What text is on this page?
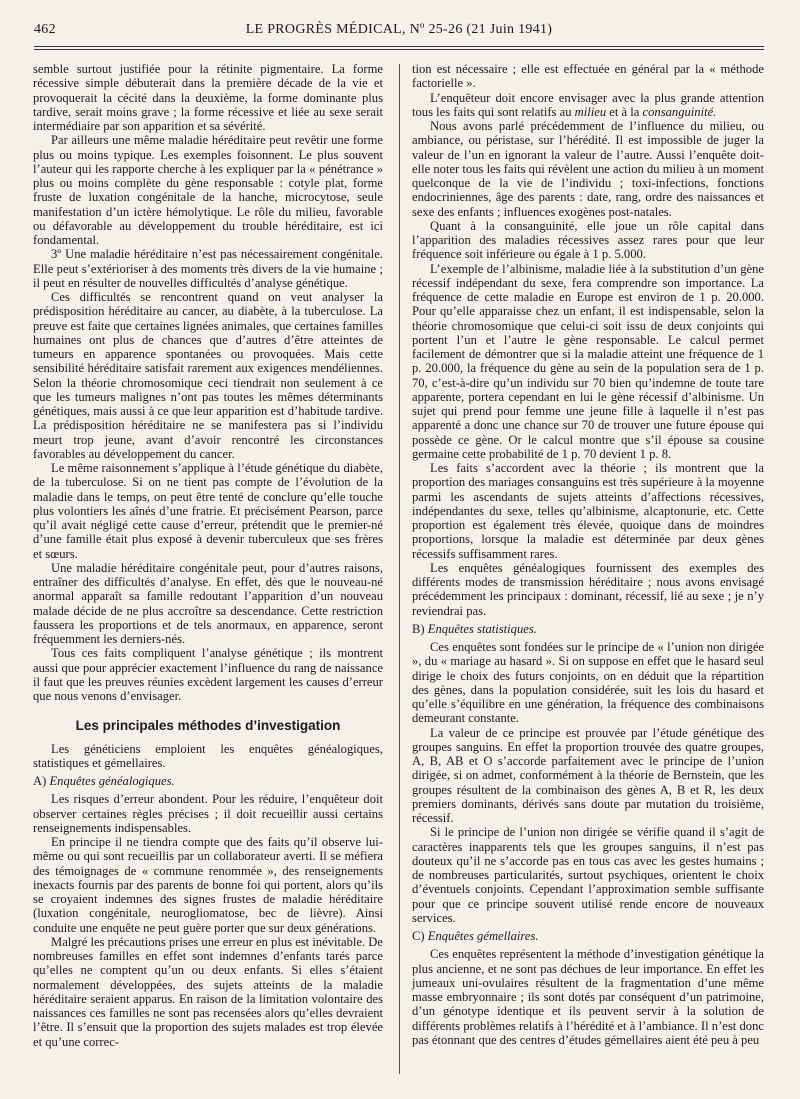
462	LE PROGRÈS MÉDICAL, Nº 25-26 (21 Juin 1941)

semble surtout justifiée pour la rétinite pigmentaire. La forme récessive simple débuterait dans la première décade de la vie et provoquerait la cécité dans la deuxième, la forme dominante plus tardive, serait moins grave ; la forme récessive et liée au sexe serait intermédiaire par son apparition et sa sévérité.

Par ailleurs une même maladie héréditaire peut revêtir une forme plus ou moins typique. Les exemples foisonnent. Le plus souvent l’auteur qui les rapporte cherche à les expliquer par la « pénétrance » plus ou moins complète du gène responsable : cotyle plat, forme fruste de luxation congénitale de la hanche, microcytose, seule manifestation d’un ictère hémolytique. Le rôle du milieu, favorable ou défavorable au développement du trouble héréditaire, est ici fondamental.

3º Une maladie héréditaire n’est pas nécessairement congénitale. Elle peut s’extérioriser à des moments très divers de la vie humaine ; il peut en résulter de nouvelles difficultés d’analyse génétique.

Ces difficultés se rencontrent quand on veut analyser la prédisposition héréditaire au cancer, au diabète, à la tuberculose. La preuve est faite que certaines lignées animales, que certaines familles humaines ont plus de chances que d’autres d’être atteintes de tumeurs en apparence spontanées ou provoquées. Mais cette sensibilité héréditaire satisfait rarement aux exigences mendéliennes. Selon la théorie chromosomique ceci tiendrait non seulement à ce que les tumeurs malignes n’ont pas toutes les mêmes déterminants génétiques, mais aussi à ce que leur apparition est d’habitude tardive. La prédisposition héréditaire ne se manifestera pas si l’individu meurt trop jeune, avant d’avoir rencontré les circonstances favorables au développement du cancer.

Le même raisonnement s’applique à l’étude génétique du diabète, de la tuberculose. Si on ne tient pas compte de l’évolution de la maladie dans le temps, on peut être tenté de conclure qu’elle touche plus volontiers les aînés d’une fratrie. Et précisément Pearson, parce qu’il avait négligé cette cause d’erreur, prétendit que le premier-né d’une famille était plus exposé à devenir tuberculeux que ses frères et sœurs.

Une maladie héréditaire congénitale peut, pour d’autres raisons, entraîner des difficultés d’analyse. En effet, dès que le nouveau-né anormal apparaît sa famille redoutant l’apparition d’un nouveau malade décide de ne plus accroître sa descendance. Cette restriction faussera les proportions et de tels anormaux, en apparence, seront fréquemment les derniers-nés.

Tous ces faits compliquent l’analyse génétique ; ils montrent aussi que pour apprécier exactement l’influence du rang de naissance il faut que les preuves réunies excèdent largement les causes d’erreur que nous venons d’envisager.

Les principales méthodes d’investigation

Les généticiens emploient les enquêtes généalogiques, statistiques et gémellaires.

A) Enquêtes généalogiques.

Les risques d’erreur abondent. Pour les réduire, l’enquêteur doit observer certaines règles précises ; il doit recueillir aussi certains renseignements indispensables.

En principe il ne tiendra compte que des faits qu’il observe lui-même ou qui sont recueillis par un collaborateur averti. Il se méfiera des témoignages de « commune renommée », des renseignements inexacts fournis par des parents de bonne foi qui portent, alors qu’ils se croyaient indemnes des signes frustes de maladie héréditaire (luxation congénitale, neurogliomatose, bec de lièvre). Ainsi conduite une enquête ne peut guère porter que sur deux générations.

Malgré les précautions prises une erreur en plus est inévitable. De nombreuses familles en effet sont indemnes d’enfants tarés parce qu’elles ne comptent qu’un ou deux enfants. Si elles s’étaient normalement développées, des sujets atteints de la maladie héréditaire seraient apparus. En raison de la limitation volontaire des naissances ces familles ne sont pas recensées alors qu’elles devraient l’être. Il s’ensuit que la proportion des sujets malades est trop élevée et qu’une correc-

tion est nécessaire ; elle est effectuée en général par la « méthode factorielle ».

L’enquêteur doit encore envisager avec la plus grande attention tous les faits qui sont relatifs au milieu et à la consanguinité.

Nous avons parlé précédemment de l’influence du milieu, ou ambiance, ou péristase, sur l’hérédité. Il est impossible de juger la valeur de l’un en ignorant la valeur de l’autre. Aussi l’enquête doit-elle noter tous les faits qui révèlent une action du milieu à un moment quelconque de la vie de l’individu ; toxi-infections, fonctions endocriniennes, âge des parents : date, rang, ordre des naissances et sexe des enfants ; influences exogènes post-natales.

Quant à la consanguinité, elle joue un rôle capital dans l’apparition des maladies récessives assez rares pour que leur fréquence soit inférieure ou égale à 1 p. 5.000.

L’exemple de l’albinisme, maladie liée à la substitution d’un gène récessif indépendant du sexe, fera comprendre son importance. La fréquence de cette maladie en Europe est environ de 1 p. 20.000. Pour qu’elle apparaisse chez un enfant, il est indispensable, selon la théorie chromosomique que celui-ci soit issu de deux conjoints qui portent l’un et l’autre le gène responsable. Le calcul permet facilement de démontrer que si la maladie atteint une fréquence de 1 p. 20.000, la fréquence du gène au sein de la population sera de 1 p. 70, c’est-à-dire qu’un individu sur 70 bien qu’indemne de toute tare apparente, portera cependant en lui le gène récessif d’albinisme. Un sujet qui prend pour femme une jeune fille à laquelle il n’est pas apparenté a donc une chance sur 70 de trouver une future épouse qui possède ce gène. Or le calcul montre que s’il épouse sa cousine germaine cette probabilité de 1 p. 70 devient 1 p. 8.

Les faits s’accordent avec la théorie ; ils montrent que la proportion des mariages consanguins est très supérieure à la moyenne parmi les ascendants de sujets atteints d’affections récessives, indépendantes du sexe, telles qu’albinisme, alcaptonurie, etc. Cette proportion est également très élevée, quoique dans de moindres proportions, lorsque la maladie est déterminée par deux gènes récessifs suffisamment rares.

Les enquêtes généalogiques fournissent des exemples des différents modes de transmission héréditaire ; nous avons envisagé précédemment les principaux : dominant, récessif, lié au sexe ; je n’y reviendrai pas.

B) Enquêtes statistiques.

Ces enquêtes sont fondées sur le principe de « l’union non dirigée », du « mariage au hasard ». Si on suppose en effet que le hasard seul dirige le choix des futurs conjoints, on en déduit que la répartition des gènes, dans la population considérée, suit les lois du hasard et qu’elle s’équilibre en une génération, la fréquence des combinaisons demeurant constante.

La valeur de ce principe est prouvée par l’étude génétique des groupes sanguins. En effet la proportion trouvée des quatre groupes, A, B, AB et O s’accorde parfaitement avec le principe de l’union dirigée, si on admet, conformément à la théorie de Bernstein, que les groupes résultent de la combinaison des gènes A, B et R, les deux premiers dominants, dérivés sans doute par mutation du troisième, récessif.

Si le principe de l’union non dirigée se vérifie quand il s’agit de caractères inapparents tels que les groupes sanguins, il n’est pas douteux qu’il ne s’accorde pas en tous cas avec les gestes humains ; de nombreuses particularités, surtout psychiques, orientent le choix d’éventuels conjoints. Cependant l’approximation semble suffisante pour que ce principe souvent utilisé rende encore de nouveaux services.

C) Enquêtes gémellaires.

Ces enquêtes représentent la méthode d’investigation génétique la plus ancienne, et ne sont pas déchues de leur importance. En effet les jumeaux uni-ovulaires résultent de la fragmentation d’une même masse embryonnaire ; ils sont dotés par conséquent d’un patrimoine, d’un génotype identique et ils peuvent servir à la solution de différents problèmes relatifs à l’hérédité et à l’ambiance. Il n’est donc pas étonnant que des centres d’études gémellaires aient été peu à peu
